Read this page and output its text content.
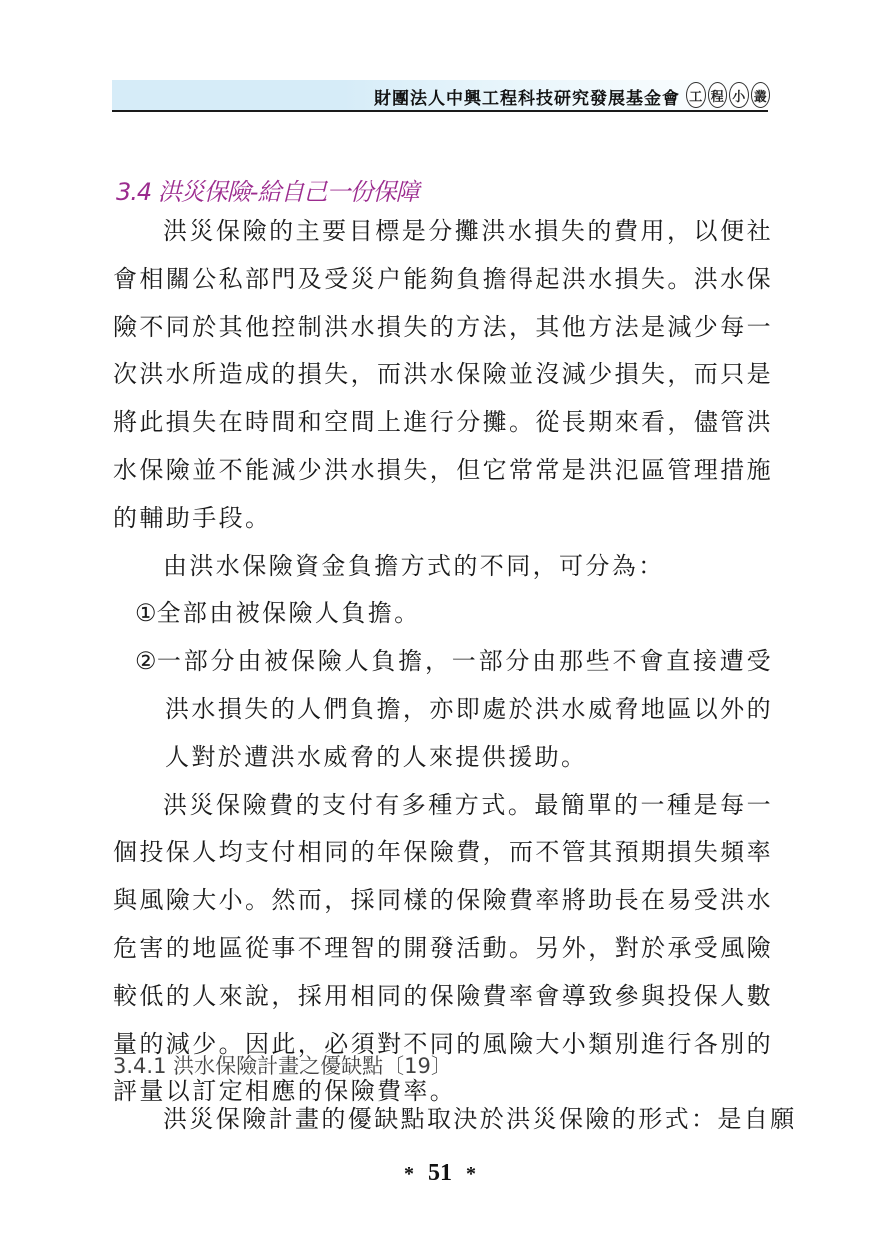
財團法人中興工程科技研究發展基金會 工 程 小 叢
3.4 洪災保險-給自己一份保障

洪災保險的主要目標是分攤洪水損失的費用，以便社會相關公私部門及受災户能夠負擔得起洪水損失。洪水保險不同於其他控制洪水損失的方法，其他方法是減少每一次洪水所造成的損失，而洪水保險並沒減少損失，而只是將此損失在時間和空間上進行分攤。從長期來看，儘管洪水保險並不能減少洪水損失，但它常常是洪氾區管理措施的輔助手段。

由洪水保險資金負擔方式的不同，可分為：

①全部由被保險人負擔。

②一部分由被保險人負擔，一部分由那些不會直接遭受洪水損失的人們負擔，亦即處於洪水威脅地區以外的人對於遭洪水威脅的人來提供援助。

洪災保險費的支付有多種方式。最簡單的一種是每一個投保人均支付相同的年保險費，而不管其預期損失頻率與風險大小。然而，採同樣的保險費率將助長在易受洪水危害的地區從事不理智的開發活動。另外，對於承受風險較低的人來說，採用相同的保險費率會導致參與投保人數量的減少。因此，必須對不同的風險大小類別進行各別的評量以訂定相應的保險費率。

3.4.1 洪水保險計畫之優缺點〔19〕

洪災保險計畫的優缺點取決於洪災保險的形式：是自願

* 51 *
